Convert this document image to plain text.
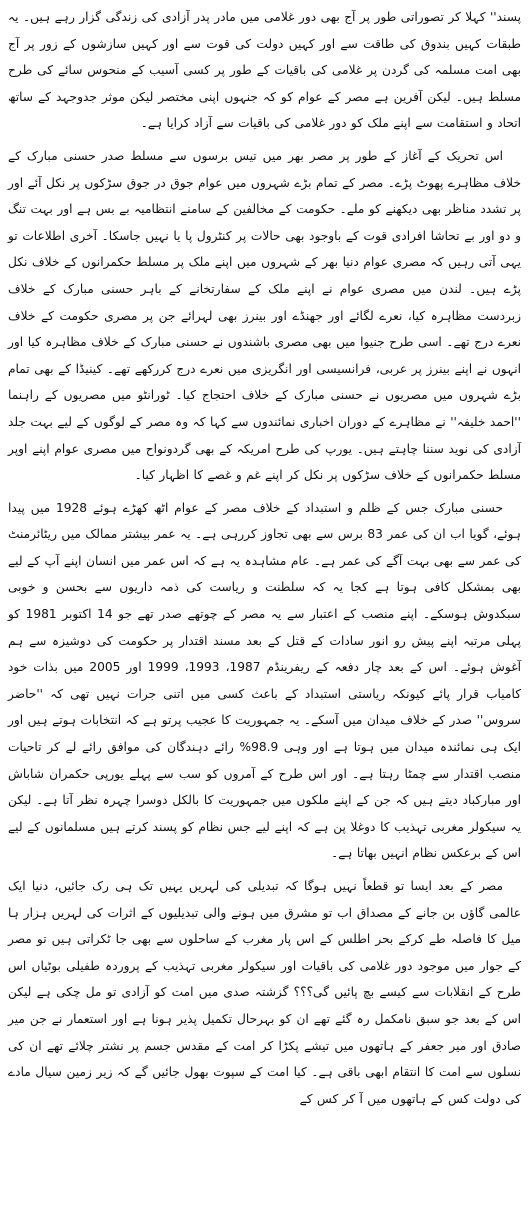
پسند'' کہلا کر تصوراتی طور پر آج بھی دور غلامی میں مادر پدر آزادی کی زندگی گزار رہے ہیں۔ یہ طبقات کہیں بندوق کی طاقت سے اور کہیں دولت کی قوت سے اور کہیں سازشوں کے زور پر آج بھی امت مسلمہ کی گردن پر غلامی کی باقیات کے طور پر کسی آسیب کے منحوس سائے کی طرح مسلط ہیں۔ لیکن آفرین ہے مصر کے عوام کو کہ جنہوں اپنی مختصر لیکن موثر جدوجہد کے ساتھ اتحاد و استقامت سے اپنے ملک کو دور غلامی کی باقیات سے آزاد کرایا ہے۔

اس تحریک کے آغاز کے طور پر مصر بھر میں تیس برسوں سے مسلط صدر حسنی مبارک کے خلاف مظاہرے پھوٹ پڑے۔ مصر کے تمام بڑے شہروں میں عوام جوق در جوق سڑکوں پر نکل آئے اور پر تشدد مناظر بھی دیکھنے کو ملے۔ حکومت کے مخالفین کے سامنے انتظامیہ بے بس ہے اور بہت تنگ و دو اور بے تحاشا افرادی قوت کے باوجود بھی حالات پر کنٹرول پا یا نہیں جاسکا۔ آخری اطلاعات تو یہی آتی رہیں کہ مصری عوام دنیا بھر کے شہروں میں اپنے ملک پر مسلط حکمرانوں کے خلاف نکل پڑے ہیں۔ لندن میں مصری عوام نے اپنے ملک کے سفارتخانے کے باہر حسنی مبارک کے خلاف زبردست مظاہرہ کیا، نعرے لگائے اور جھنڈے اور بینرز بھی لہرائے جن پر مصری حکومت کے خلاف نعرے درج تھے۔ اسی طرح جنیوا میں بھی مصری باشندوں نے حسنی مبارک کے خلاف مظاہرہ کیا اور انہوں نے اپنے بینرز پر عربی، فرانسیسی اور انگریزی میں نعرے درج کررکھے تھے۔ کینیڈا کے بھی تمام بڑے شہروں میں مصریوں نے حسنی مبارک کے خلاف احتجاج کیا۔ ٹورانٹو میں مصریوں کے راہنما ''احمد خلیفہ'' نے مظاہرے کے دوران اخباری نمائندوں سے کہا کہ وہ مصر کے لوگوں کے لیے بہت جلد آزادی کی نوید سننا چاہتے ہیں۔ یورپ کی طرح امریکہ کے بھی گردونواح میں مصری عوام اپنے اوپر مسلط حکمرانوں کے خلاف سڑکوں پر نکل کر اپنے غم و غصے کا اظہار کیا۔

حسنی مبارک جس کے ظلم و استبداد کے خلاف مصر کے عوام اٹھ کھڑے ہوئے 1928 میں پیدا ہوئے، گویا اب ان کی عمر 83 برس سے بھی تجاوز کررہی ہے۔ یہ عمر بیشتر ممالک میں ریٹائرمنٹ کی عمر سے بھی بہت آگے کی عمر ہے۔ عام مشاہدہ یہ ہے کہ اس عمر میں انسان اپنے آپ کے لیے بھی بمشکل کافی ہوتا ہے کجا یہ کہ سلطنت و ریاست کی ذمہ داریوں سے بحسن و خوبی سبکدوش ہوسکے۔ اپنے منصب کے اعتبار سے یہ مصر کے چوتھے صدر تھے جو 14 اکتوبر 1981 کو پہلی مرتبہ اپنے پیش رو انور سادات کے قتل کے بعد مسند اقتدار پر حکومت کی دوشیزہ سے ہم آغوش ہوئے۔ اس کے بعد چار دفعہ کے ریفرینڈم 1987، 1993، 1999 اور 2005 میں بذات خود کامیاب قرار پائے کیونکہ ریاستی استبداد کے باعث کسی میں اتنی جرات نہیں تھی کہ ''حاضر سروس'' صدر کے خلاف میدان میں آسکے۔ یہ جمہوریت کا عجیب پرتو ہے کہ انتخابات ہوتے ہیں اور ایک ہی نمائندہ میدان میں ہوتا ہے اور وہی 98.9% رائے دہندگان کی موافق رائے لے کر تاحیات منصب اقتدار سے چمٹا رہتا ہے۔ اور اس طرح کے آمروں کو سب سے پہلے یورپی حکمران شاباش اور مبارکباد دیتے ہیں کہ جن کے اپنے ملکوں میں جمہوریت کا بالکل دوسرا چہرہ نظر آتا ہے۔ لیکن یہ سیکولر مغربی تہذیب کا دوغلا پن ہے کہ اپنے لیے جس نظام کو پسند کرتے ہیں مسلمانوں کے لیے اس کے برعکس نظام انہیں بھاتا ہے۔

مصر کے بعد ایسا تو قطعاً نہیں ہوگا کہ تبدیلی کی لہریں یہیں تک ہی رک جائیں، دنیا ایک عالمی گاؤں بن جانے کے مصداق اب تو مشرق میں ہونے والی تبدیلیوں کے اثرات کی لہریں ہزار ہا میل کا فاصلہ طے کرکے بحر اطلس کے اس پار مغرب کے ساحلوں سے بھی جا ٹکراتی ہیں تو مصر کے جوار میں موجود دور غلامی کی باقیات اور سیکولر مغربی تہذیب کے پروردہ طفیلی بوٹیاں اس طرح کے انقلابات سے کیسے بچ پائیں گی؟؟؟ گزشتہ صدی میں امت کو آزادی تو مل چکی ہے لیکن اس کے بعد جو سبق نامکمل رہ گئے تھے ان کو بہرحال تکمیل پذیر ہونا ہے اور استعمار نے جن میر صادق اور میر جعفر کے ہاتھوں میں تیشے پکڑا کر امت کے مقدس جسم پر نشتر چلائے تھے ان کی نسلوں سے امت کا انتقام ابھی باقی ہے۔ کیا امت کے سپوت بھول جائیں گے کہ زیر زمین سیال مادے کی دولت کس کے ہاتھوں میں آ کر کس کے
